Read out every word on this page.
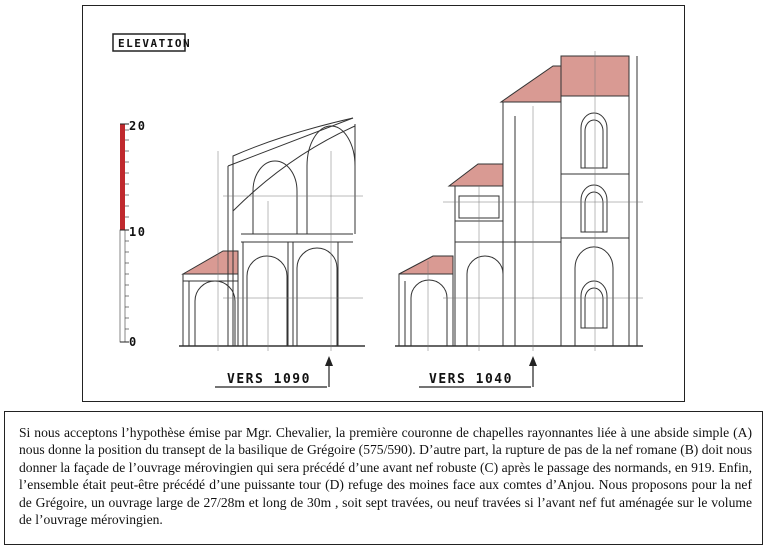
ELEVATION
20
10
0
VERS 1090	VERS 1040
Si nous acceptons l’hypothèse émise par Mgr. Chevalier, la première couronne de chapelles rayonnantes liée à une abside simple (A) nous donne la position du transept de la basilique de Grégoire (575/590). D’autre part, la rupture de pas de la nef romane (B) doit nous donner la façade de l’ouvrage mérovingien qui sera précédé d’une avant nef robuste (C) après le passage des normands, en 919. Enfin, l’ensemble était peut-être précédé d’une puissante tour (D) refuge des moines face aux comtes d’Anjou. Nous proposons pour la nef de Grégoire, un ouvrage large de 27/28m et long de 30m , soit sept travées, ou neuf travées si l’avant nef fut aménagée sur le volume de l’ouvrage mérovingien.
